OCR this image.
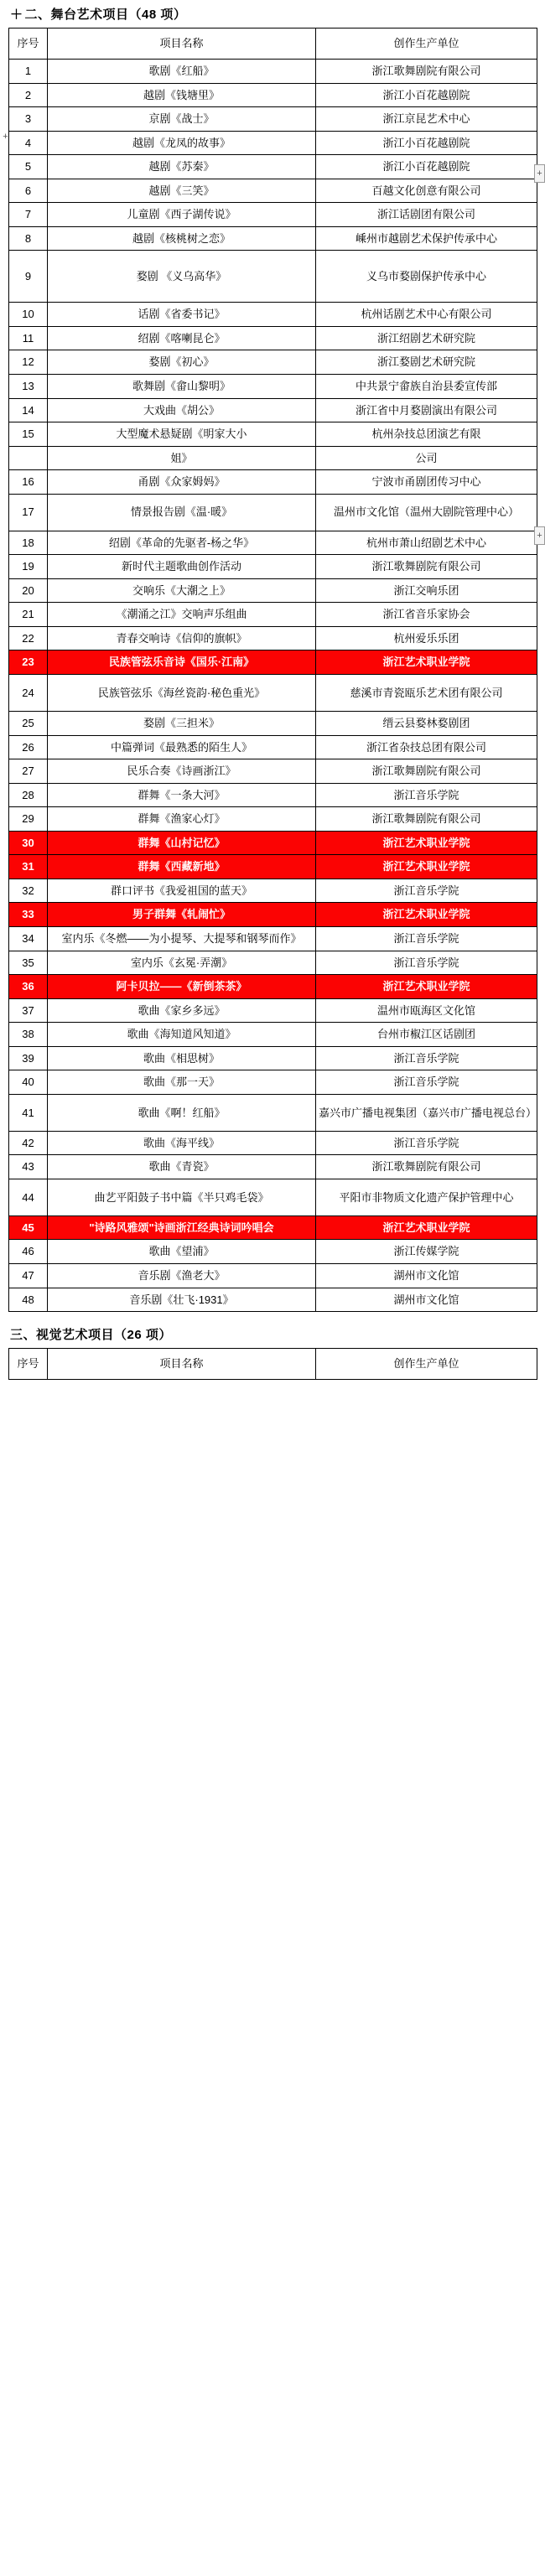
+
+
+
＋ 二、舞台艺术项目（48 项）
序号	项目名称	创作生产单位
1	歌剧《红船》	浙江歌舞剧院有限公司
2	越剧《钱塘里》	浙江小百花越剧院
3	京剧《战士》	浙江京昆艺术中心
4	越剧《龙凤的故事》	浙江小百花越剧院
5	越剧《苏秦》	浙江小百花越剧院
6	越剧《三笑》	百越文化创意有限公司
7	儿童剧《西子湖传说》	浙江话剧团有限公司
8	越剧《核桃树之恋》	嵊州市越剧艺术保护传承中心
9	婺剧 《义乌高华》	义乌市婺剧保护传承中心
10	话剧《省委书记》	杭州话剧艺术中心有限公司
11	绍剧《喀喇昆仑》	浙江绍剧艺术研究院
12	婺剧《初心》	浙江婺剧艺术研究院
13	歌舞剧《畲山黎明》	中共景宁畲族自治县委宣传部
14	大戏曲《胡公》	浙江省中月婺剧演出有限公司
15	大型魔术悬疑剧《明家大小	杭州杂技总团演艺有限
	姐》	公司
16	甬剧《众家姆妈》	宁波市甬剧团传习中心
17	情景报告剧《温·暖》	温州市文化馆（温州大剧院管理中心）
18	绍剧《革命的先驱者-杨之华》	杭州市萧山绍剧艺术中心
19	新时代主题歌曲创作活动	浙江歌舞剧院有限公司
20	交响乐《大潮之上》	浙江交响乐团
21	《潮涌之江》交响声乐组曲	浙江省音乐家协会
22	青春交响诗《信仰的旗帜》	杭州爱乐乐团
23	民族管弦乐音诗《国乐·江南》	浙江艺术职业学院
24	民族管弦乐《海丝瓷韵·秘色重光》	慈溪市青瓷瓯乐艺术团有限公司
25	婺剧《三担米》	缙云县婺林婺剧团
26	中篇弹词《最熟悉的陌生人》	浙江省杂技总团有限公司
27	民乐合奏《诗画浙江》	浙江歌舞剧院有限公司
28	群舞《一条大河》	浙江音乐学院
29	群舞《渔家心灯》	浙江歌舞剧院有限公司
30	群舞《山村记忆》	浙江艺术职业学院
31	群舞《西藏新地》	浙江艺术职业学院
32	群口评书《我爱祖国的蓝天》	浙江音乐学院
33	男子群舞《轧闹忙》	浙江艺术职业学院
34	室内乐《冬燃——为小提琴、大提琴和钢琴而作》	浙江音乐学院
35	室内乐《玄冕·弄潮》	浙江音乐学院
36	阿卡贝拉——《新倒茶茶》	浙江艺术职业学院
37	歌曲《家乡多远》	温州市瓯海区文化馆
38	歌曲《海知道风知道》	台州市椒江区话剧团
39	歌曲《相思树》	浙江音乐学院
40	歌曲《那一天》	浙江音乐学院
41	歌曲《啊！红船》	嘉兴市广播电视集团（嘉兴市广播电视总台）
42	歌曲《海平线》	浙江音乐学院
43	歌曲《青瓷》	浙江歌舞剧院有限公司
44	曲艺平阳鼓子书中篇《半只鸡毛袋》	平阳市非物质文化遗产保护管理中心
45	"诗路风雅颂"诗画浙江经典诗词吟唱会	浙江艺术职业学院
46	歌曲《望浦》	浙江传媒学院
47	音乐剧《渔老大》	湖州市文化馆
48	音乐剧《壮飞·1931》	湖州市文化馆
三、视觉艺术项目（26 项）
序号	项目名称	创作生产单位
